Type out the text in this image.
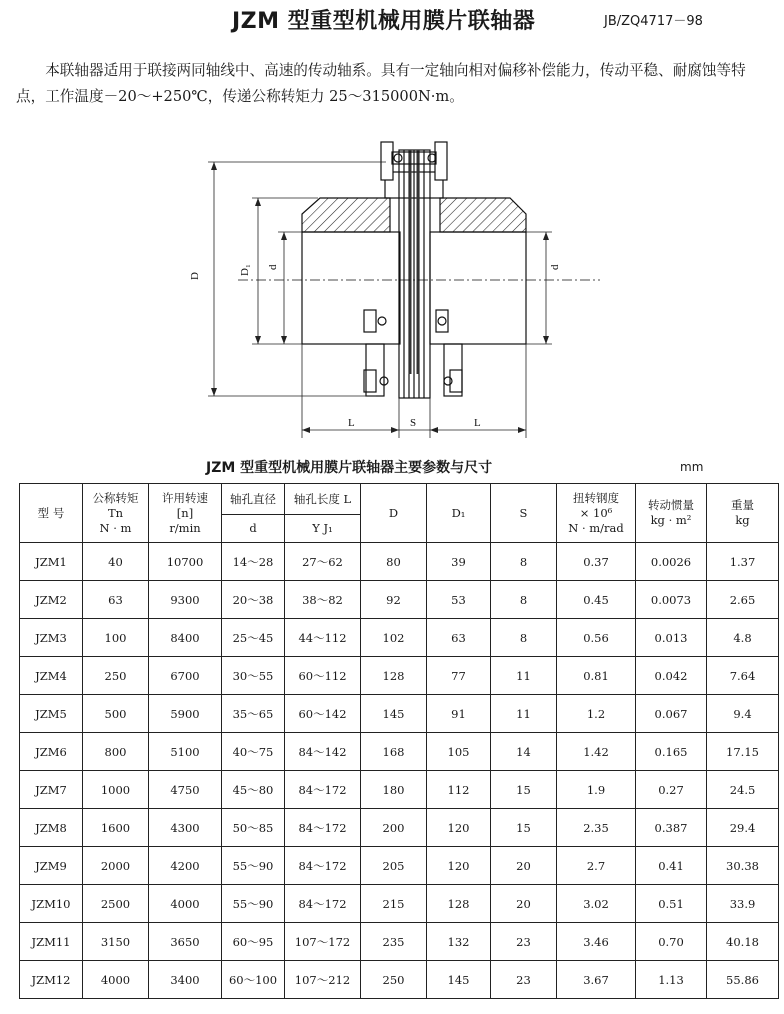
JZM 型重型机械用膜片联轴器	JB/ZQ4717－98

本联轴器适用于联接两同轴线中、高速的传动轴系。具有一定轴向相对偏移补偿能力，传动平稳、耐腐蚀等特点，工作温度－20～+250℃，传递公称转矩力 25～315000N·m。

D
D₁ d	d
L	S	L
JZM 型重型机械用膜片联轴器主要参数与尺寸	mm
型 号	公称转矩
Tn
N · m	许用转速
[n]
r/min	轴孔直径	轴孔长度 L	D	D₁	S	扭转钢度
× 10⁶
N · m/rad	转动惯量
kg · m²	重量
kg

			d	Y J₁						
JZM1	40	10700	14～28	27～62	80	39	8	0.37	0.0026	1.37
JZM2	63	9300	20～38	38～82	92	53	8	0.45	0.0073	2.65
JZM3	100	8400	25～45	44～112	102	63	8	0.56	0.013	4.8
JZM4	250	6700	30～55	60～112	128	77	11	0.81	0.042	7.64
JZM5	500	5900	35～65	60～142	145	91	11	1.2	0.067	9.4
JZM6	800	5100	40～75	84～142	168	105	14	1.42	0.165	17.15
JZM7	1000	4750	45～80	84～172	180	112	15	1.9	0.27	24.5
JZM8	1600	4300	50～85	84～172	200	120	15	2.35	0.387	29.4
JZM9	2000	4200	55～90	84～172	205	120	20	2.7	0.41	30.38
JZM10	2500	4000	55～90	84～172	215	128	20	3.02	0.51	33.9
JZM11	3150	3650	60～95	107～172	235	132	23	3.46	0.70	40.18
JZM12	4000	3400	60～100	107～212	250	145	23	3.67	1.13	55.86
